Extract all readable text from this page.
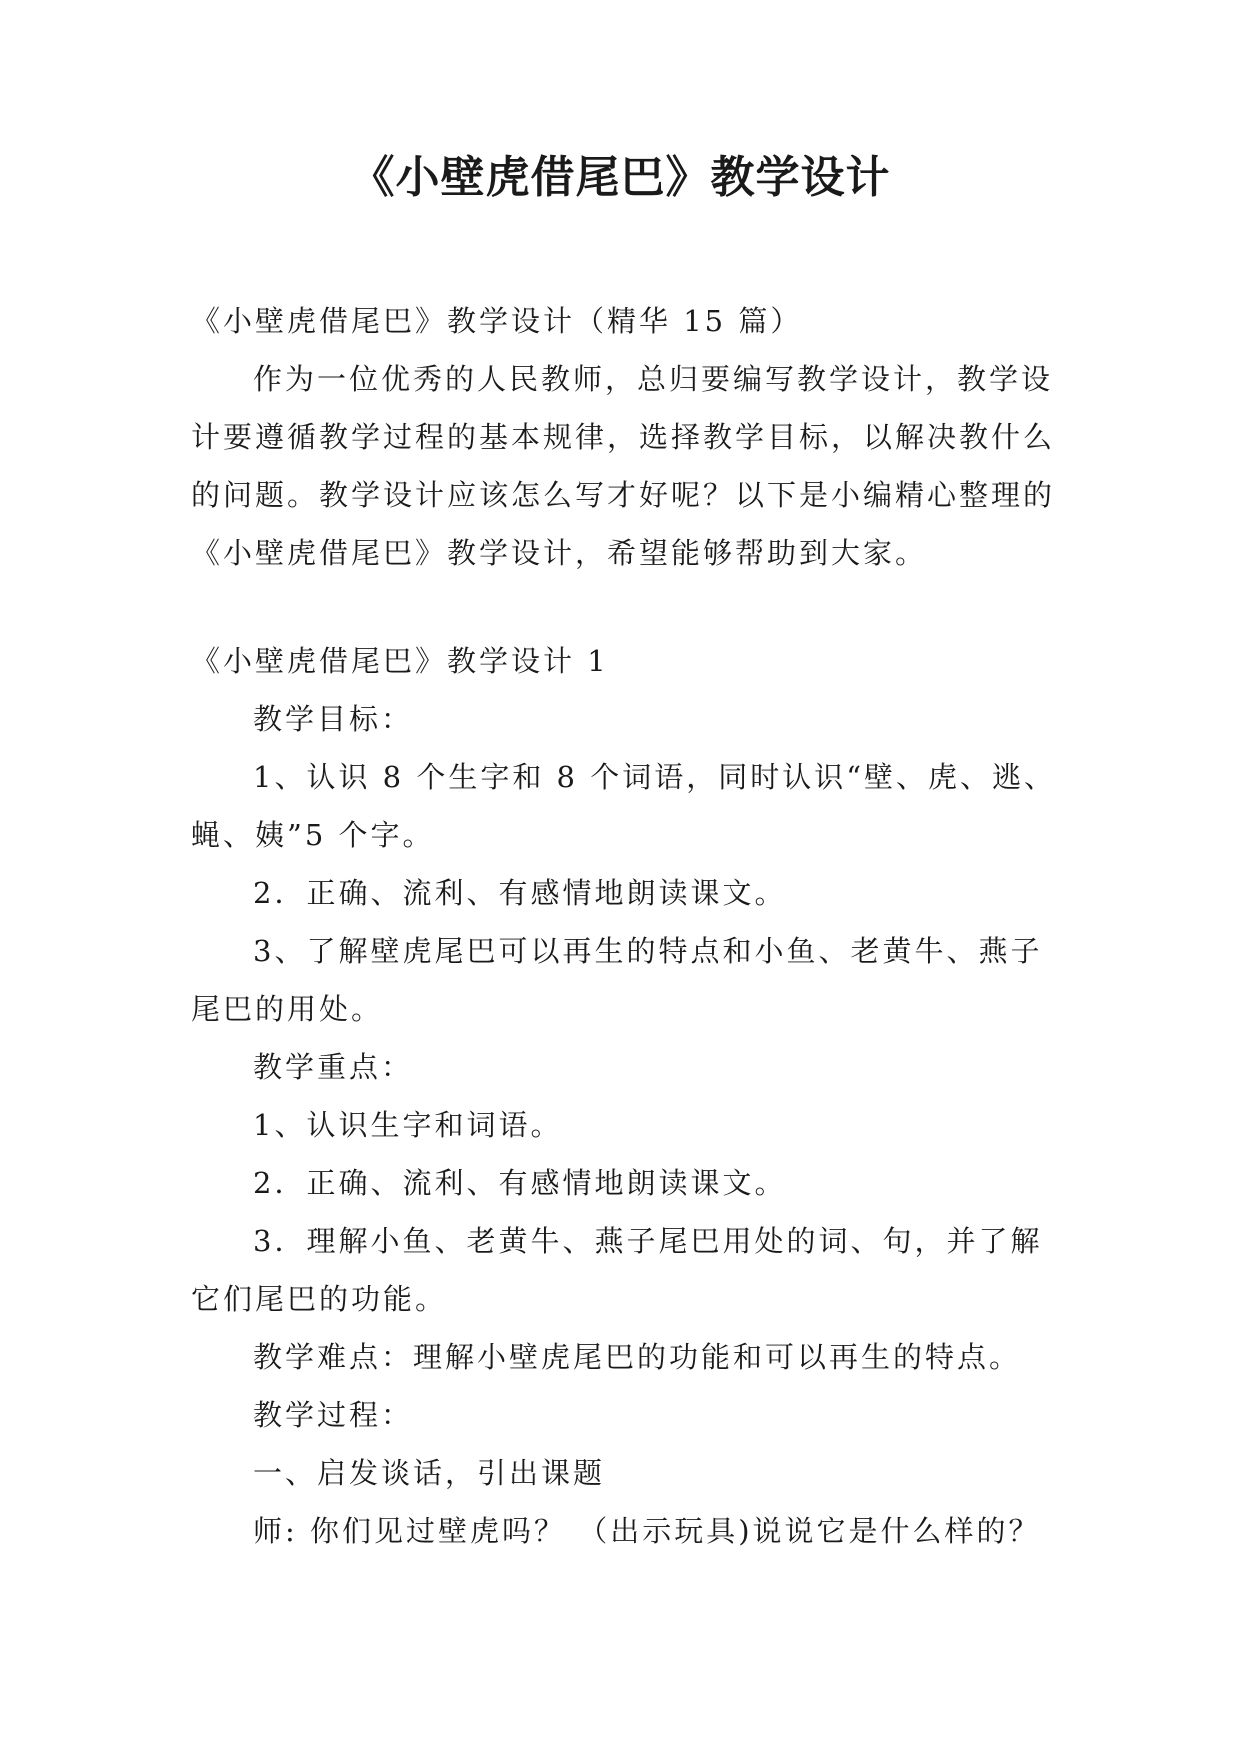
《小壁虎借尾巴》教学设计

《小壁虎借尾巴》教学设计（精华 15 篇）

作为一位优秀的人民教师，总归要编写教学设计，教学设计要遵循教学过程的基本规律，选择教学目标，以解决教什么的问题。教学设计应该怎么写才好呢？以下是小编精心整理的《小壁虎借尾巴》教学设计，希望能够帮助到大家。

《小壁虎借尾巴》教学设计 1

教学目标：

1、认识 8 个生字和 8 个词语，同时认识“壁、虎、逃、蝇、姨”5 个字。

2．正确、流利、有感情地朗读课文。

3、了解壁虎尾巴可以再生的特点和小鱼、老黄牛、燕子尾巴的用处。

教学重点：

1、认识生字和词语。

2．正确、流利、有感情地朗读课文。

3．理解小鱼、老黄牛、燕子尾巴用处的词、句，并了解它们尾巴的功能。

教学难点：理解小壁虎尾巴的功能和可以再生的特点。

教学过程：

一、启发谈话，引出课题

师: 你们见过壁虎吗？ （出示玩具)说说它是什么样的？
